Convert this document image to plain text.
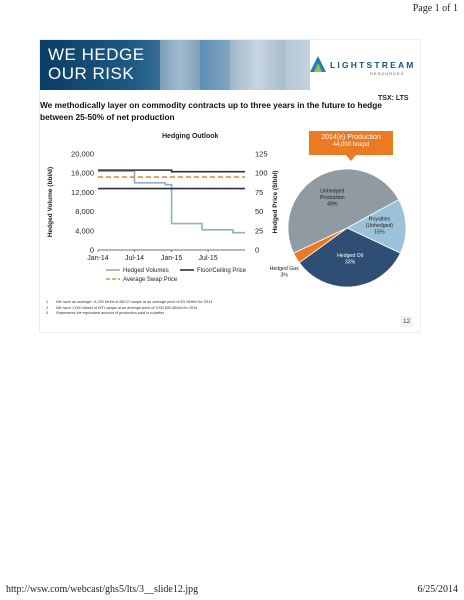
Page 1 of 1
WE HEDGE
OUR RISK	LIGHTSTREAM
RESOURCES
TSX: LTS
We methodically layer on commodity contracts up to three years in the future to hedge between 25-50% of net production
Hedging Outlook
20,000
16,000
12,000
8,000
4,000
0
125
100
75
50
25
0
Jan-14 Jul-14 Jan-15 Jul-15
Hedged Volume (bbl/d)	Hedged Price ($/bbl)
Hedged Volumes	Floor/Ceiling Price
Average Swap Price
2014(e) Production
44,000 boepd
Royalties (Unhedged) 15%
Hedged Oil 33%
Hedged Gas 3%
Unhedged Production 49%
1 We have an average ~6,200 Mcf/d of AECO swaps at an average price of $3.39/Mcf for 2014
2 We have 1,000 bbls/d of WTI swaps at an average price of USD $95.58/bbl for 2014
3 Represents the equivalent amount of production paid in royalties
12
http://wsw.com/webcast/ghs5/lts/3__slide12.jpg	6/25/2014
